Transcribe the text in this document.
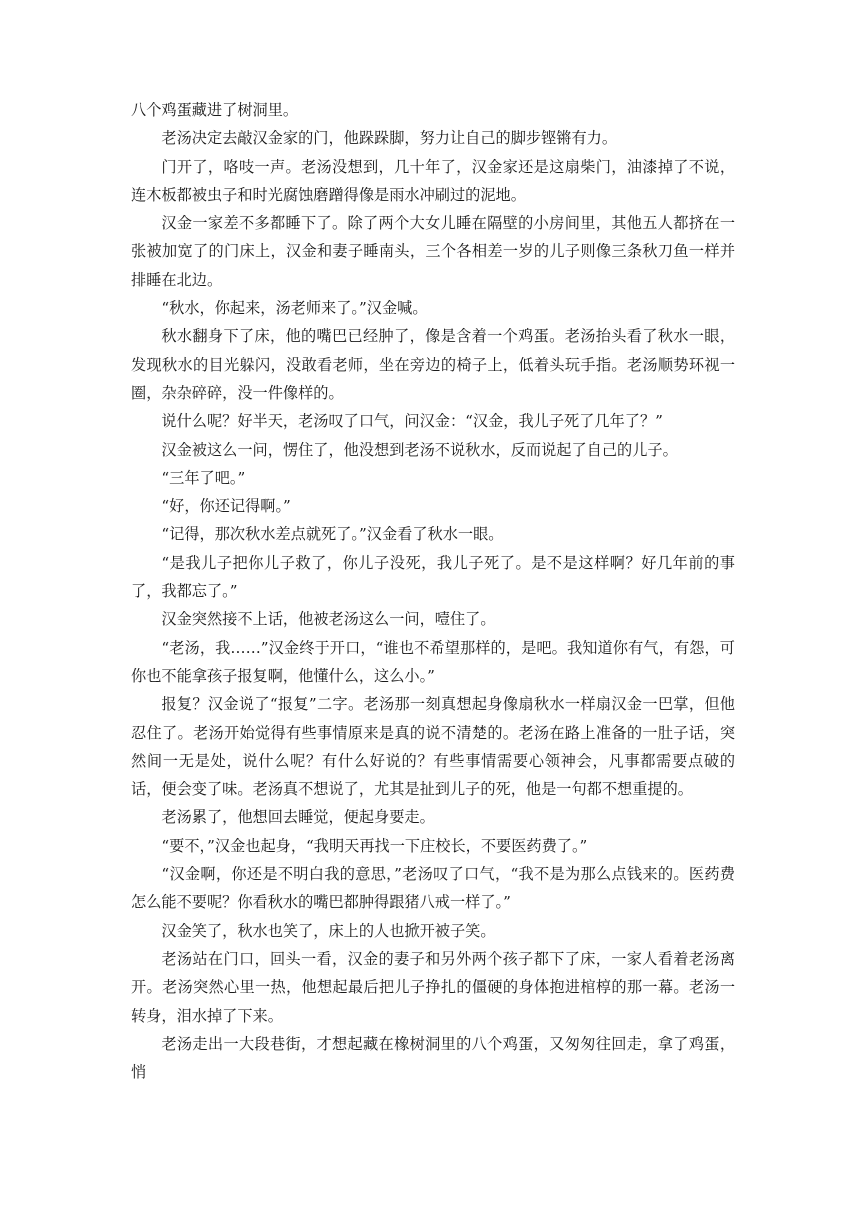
八个鸡蛋藏进了树洞里。

老汤决定去敲汉金家的门，他跺跺脚，努力让自己的脚步铿锵有力。

门开了，咯吱一声。老汤没想到，几十年了，汉金家还是这扇柴门，油漆掉了不说，连木板都被虫子和时光腐蚀磨蹭得像是雨水冲刷过的泥地。

汉金一家差不多都睡下了。除了两个大女儿睡在隔壁的小房间里，其他五人都挤在一张被加宽了的门床上，汉金和妻子睡南头，三个各相差一岁的儿子则像三条秋刀鱼一样并排睡在北边。

“秋水，你起来，汤老师来了。”汉金喊。

秋水翻身下了床，他的嘴巴已经肿了，像是含着一个鸡蛋。老汤抬头看了秋水一眼，发现秋水的目光躲闪，没敢看老师，坐在旁边的椅子上，低着头玩手指。老汤顺势环视一圈，杂杂碎碎，没一件像样的。

说什么呢？好半天，老汤叹了口气，问汉金：“汉金，我儿子死了几年了？”

汉金被这么一问，愣住了，他没想到老汤不说秋水，反而说起了自己的儿子。

“三年了吧。”

“好，你还记得啊。”

“记得，那次秋水差点就死了。”汉金看了秋水一眼。

“是我儿子把你儿子救了，你儿子没死，我儿子死了。是不是这样啊？好几年前的事了，我都忘了。”

汉金突然接不上话，他被老汤这么一问，噎住了。

“老汤，我……”汉金终于开口，“谁也不希望那样的，是吧。我知道你有气，有怨，可你也不能拿孩子报复啊，他懂什么，这么小。”

报复？汉金说了“报复”二字。老汤那一刻真想起身像扇秋水一样扇汉金一巴掌，但他忍住了。老汤开始觉得有些事情原来是真的说不清楚的。老汤在路上准备的一肚子话，突然间一无是处，说什么呢？有什么好说的？有些事情需要心领神会，凡事都需要点破的话，便会变了味。老汤真不想说了，尤其是扯到儿子的死，他是一句都不想重提的。

老汤累了，他想回去睡觉，便起身要走。

“要不，”汉金也起身，“我明天再找一下庄校长，不要医药费了。”

“汉金啊，你还是不明白我的意思，”老汤叹了口气，“我不是为那么点钱来的。医药费怎么能不要呢？你看秋水的嘴巴都肿得跟猪八戒一样了。”

汉金笑了，秋水也笑了，床上的人也掀开被子笑。

老汤站在门口，回头一看，汉金的妻子和另外两个孩子都下了床，一家人看着老汤离开。老汤突然心里一热，他想起最后把儿子挣扎的僵硬的身体抱进棺椁的那一幕。老汤一转身，泪水掉了下来。

老汤走出一大段巷街，才想起藏在橡树洞里的八个鸡蛋，又匆匆往回走，拿了鸡蛋，悄
